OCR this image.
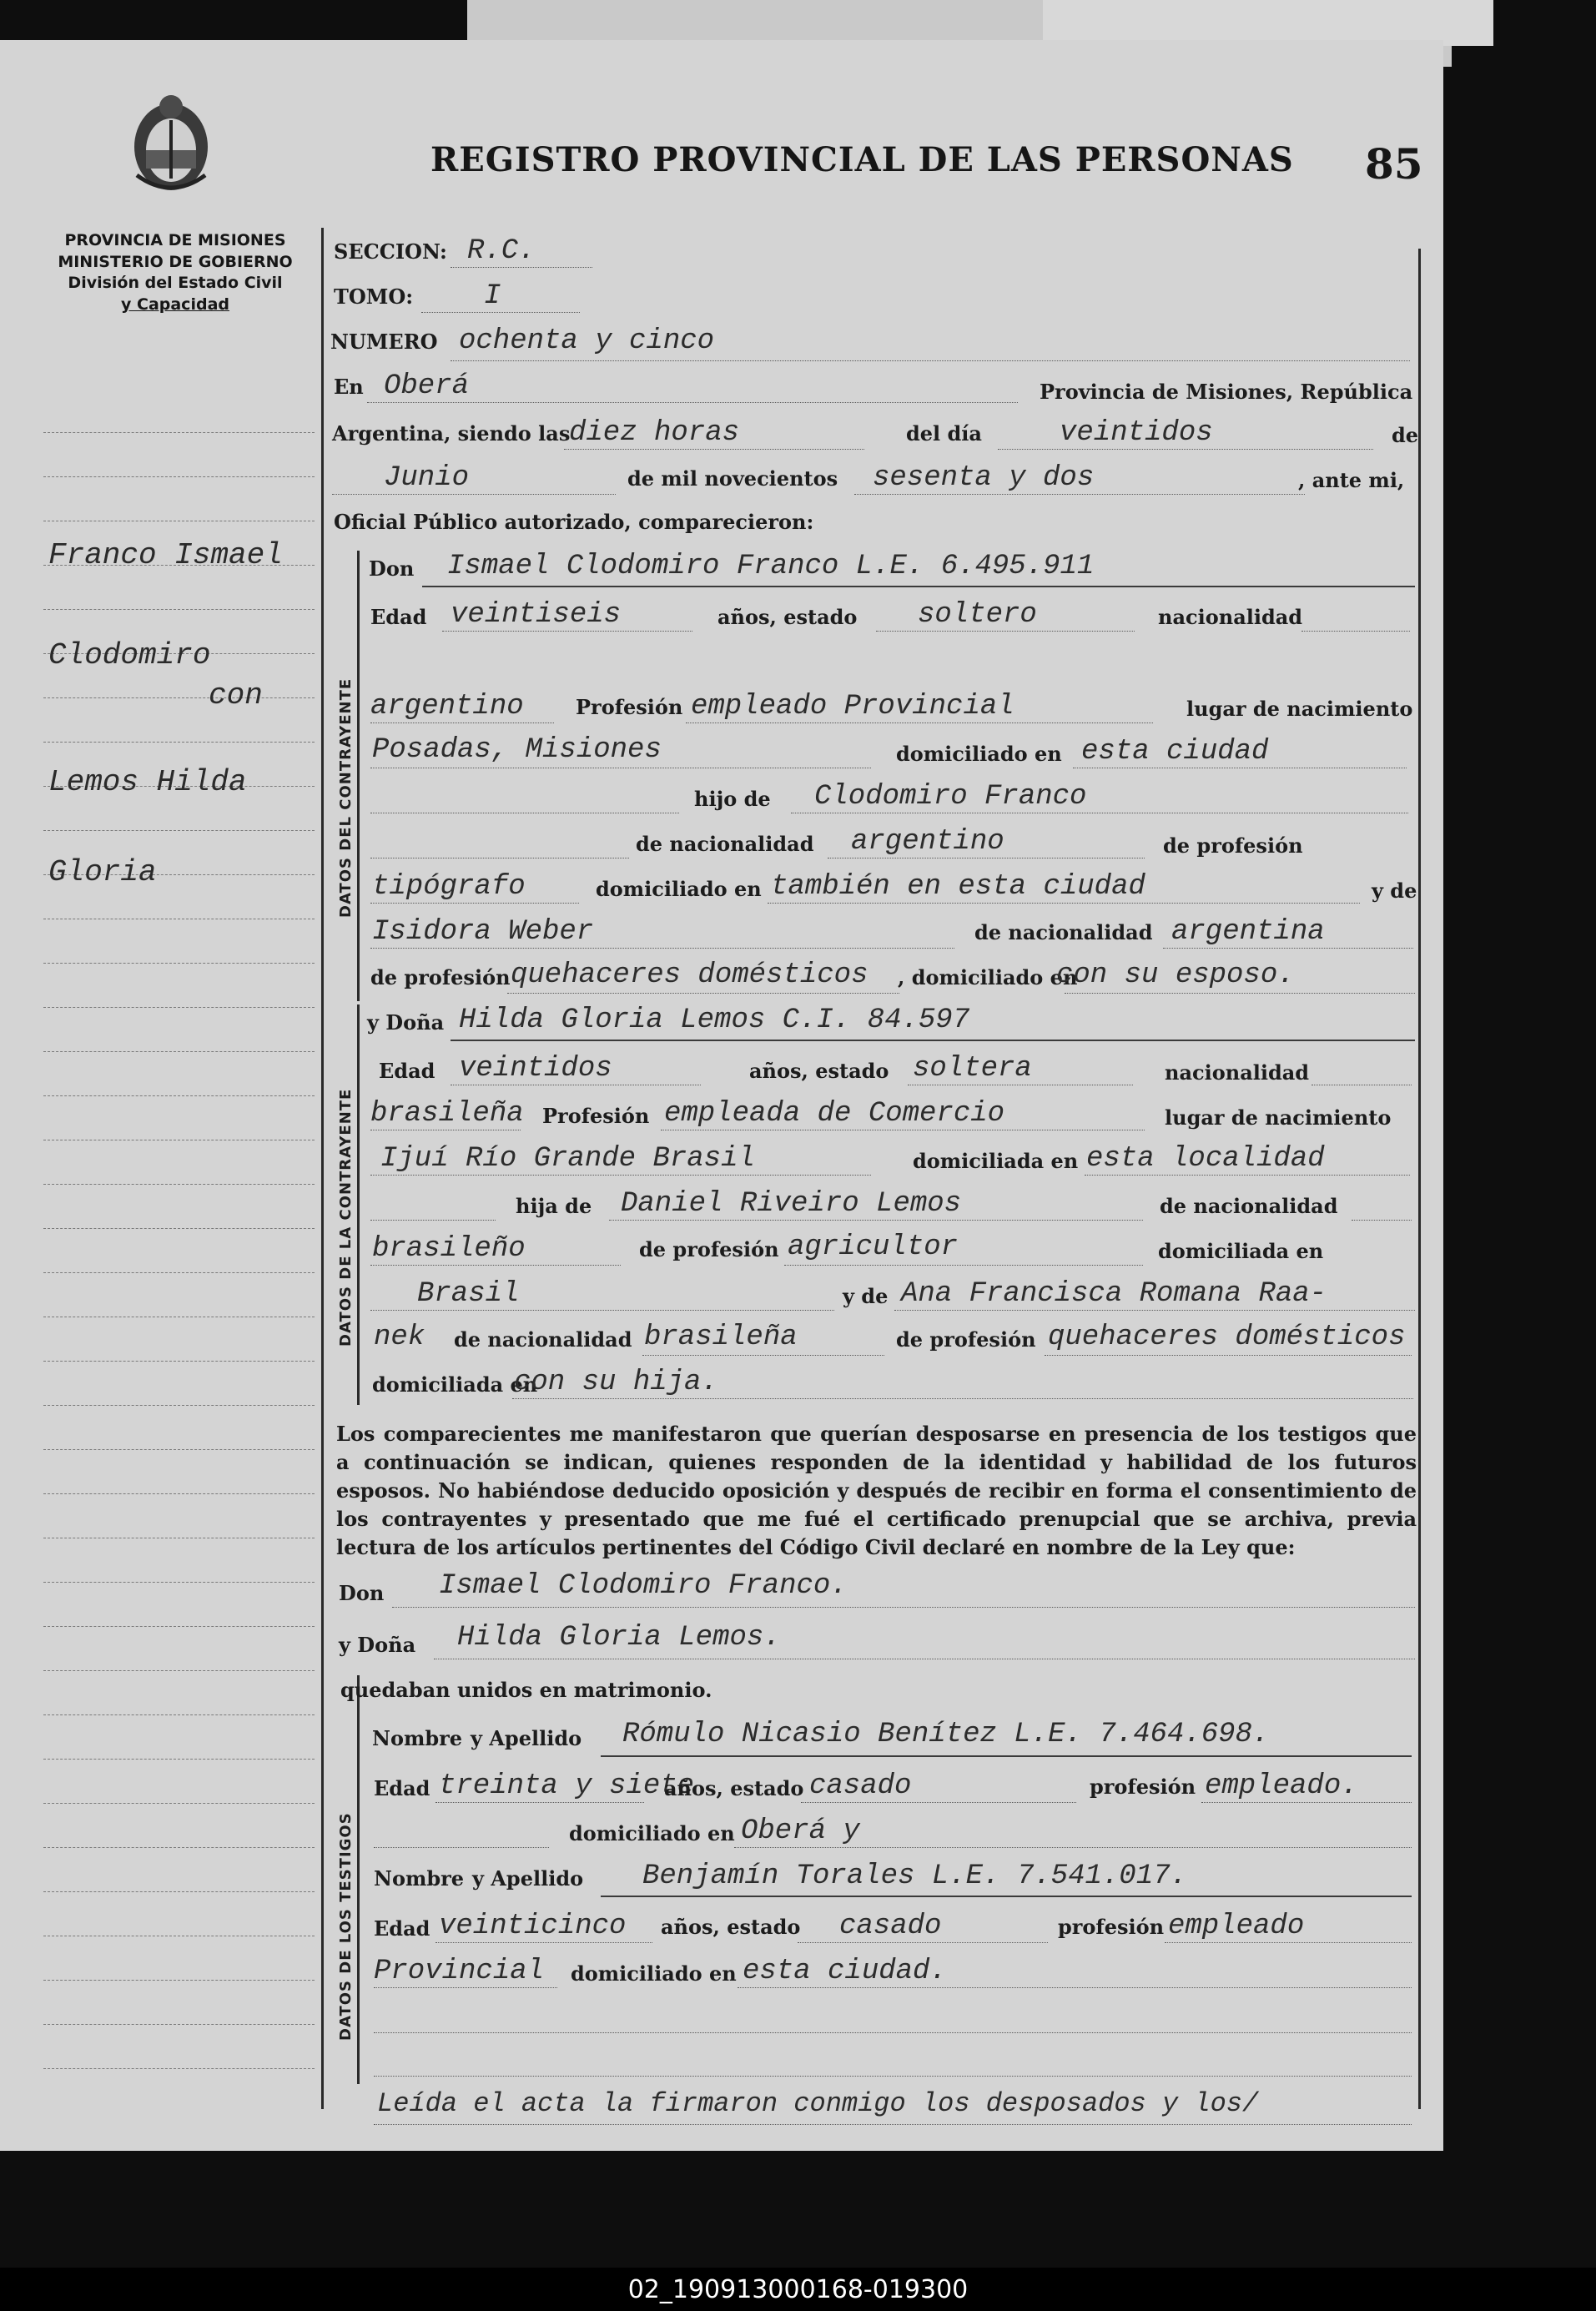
PROVINCIA DE MISIONES
MINISTERIO DE GOBIERNO
División del Estado Civil
y Capacidad
REGISTRO PROVINCIAL DE LAS PERSONAS 85
Franco Ismael
Clodomiro
con
Lemos Hilda
Gloria
SECCION: R.C.
TOMO: I
NUMERO ochenta y cinco
En Oberá	Provincia de Misiones, República
Argentina, siendo las
diez horas	del día	veintidos	de
Junio	de mil novecientos sesenta y dos	, ante mi,
Oficial Público autorizado, comparecieron:
DATOS DEL CONTRAYENTE
Don Ismael Clodomiro Franco L.E. 6.495.911
Edad veintiseis	años, estado soltero	nacionalidad
argentino	Profesión empleado Provincial	lugar de nacimiento
Posadas, Misiones	domiciliado en esta ciudad
hijo de Clodomiro Franco
de nacionalidad argentino	de profesión
tipógrafo	domiciliado en también en esta ciudad	y de
Isidora Weber	de nacionalidad argentina
de profesión quehaceres domésticos , domiciliado en
con su esposo.
DATOS DE LA CONTRAYENTE
y Doña Hilda Gloria Lemos C.I. 84.597
Edad veintidos	años, estado soltera	nacionalidad
brasileña Profesión empleada de Comercio	lugar de nacimiento
Ijuí Río Grande Brasil	domiciliada en esta localidad
hija de Daniel Riveiro Lemos	de nacionalidad
brasileño	de profesión agricultor	domiciliada en
Brasil	y de Ana Francisca Romana Raa-
nek de nacionalidad brasileña	de profesión quehaceres domésticos
domiciliada en
con su hija.
Los comparecientes me manifestaron que querían desposarse en presencia de los testigos que a continuación se indican, quienes responden de la identidad y habilidad de los futuros esposos. No habiéndose deducido oposición y después de recibir en forma el consentimiento de los contrayentes y presentado que me fué el certificado prenupcial que se archiva, previa lectura de los artículos pertinentes del Código Civil declaré en nombre de la Ley que:
Don Ismael Clodomiro Franco.
y Doña Hilda Gloria Lemos.
quedaban unidos en matrimonio.
DATOS DE LOS TESTIGOS
Nombre y Apellido Rómulo Nicasio Benítez L.E. 7.464.698.
Edad treinta y siete
años, estado casado	profesión empleado.
domiciliado en Oberá y
Nombre y Apellido Benjamín Torales L.E. 7.541.017.
Edad veinticinco años, estado casado	profesión empleado
Provincial domiciliado en esta ciudad.
Leída el acta la firmaron conmigo los desposados y los/
02_190913000168-019300
